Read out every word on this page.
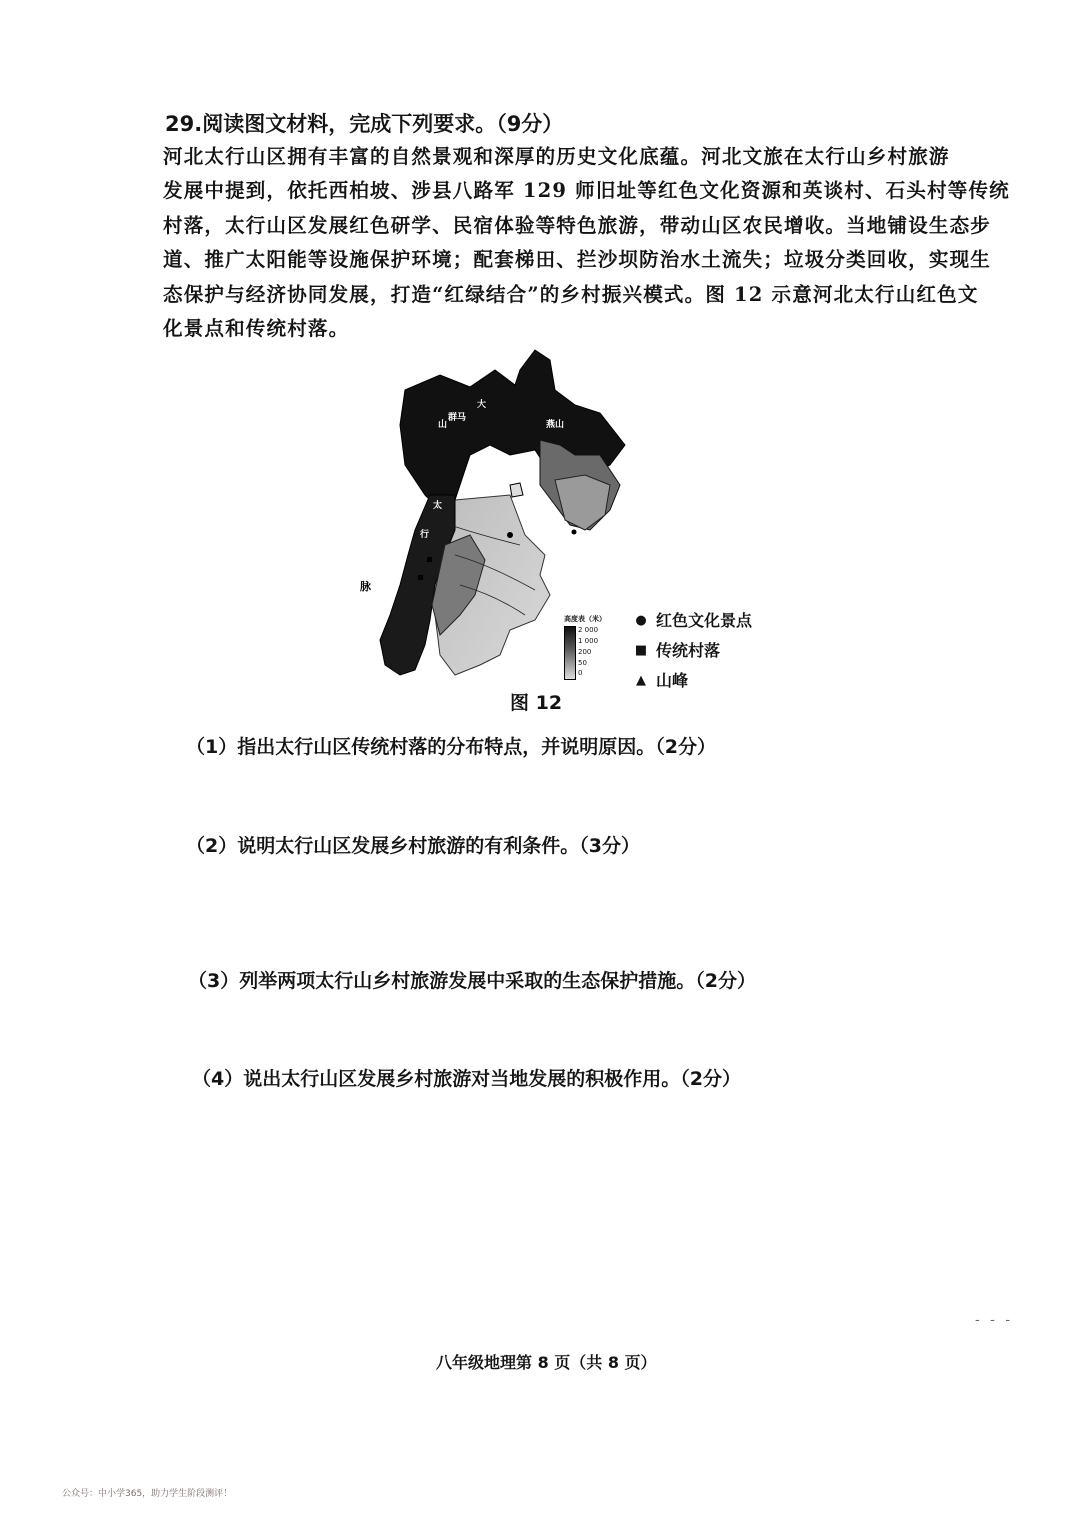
29.阅读图文材料，完成下列要求。（9分）
河北太行山区拥有丰富的自然景观和深厚的历史文化底蕴。河北文旅在太行山乡村旅游
发展中提到，依托西柏坡、涉县八路军 129 师旧址等红色文化资源和英谈村、石头村等传统
村落，太行山区发展红色研学、民宿体验等特色旅游，带动山区农民增收。当地铺设生态步
道、推广太阳能等设施保护环境；配套梯田、拦沙坝防治水土流失；垃圾分类回收，实现生
态保护与经济协同发展，打造“红绿结合”的乡村振兴模式。图 12 示意河北太行山红色文
化景点和传统村落。
山
群马
大
燕山
太
行
山
脉
高度表（米）
2 000
1 000
200
50
0
● 红色文化景点
■ 传统村落
▲ 山峰
图 12
（1）指出太行山区传统村落的分布特点，并说明原因。（2分）
（2）说明太行山区发展乡村旅游的有利条件。（3分）
（3）列举两项太行山乡村旅游发展中采取的生态保护措施。（2分）
（4）说出太行山区发展乡村旅游对当地发展的积极作用。（2分）
- - -
八年级地理第 8 页（共 8 页）
公众号：中小学365，助力学生阶段测评！
